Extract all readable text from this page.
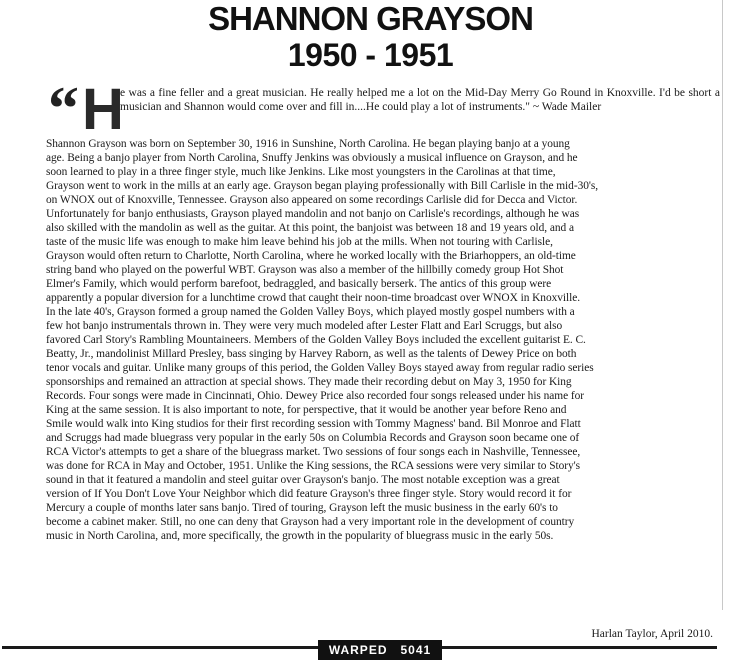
SHANNON GRAYSON
1950 - 1951
“ H
e was a fine feller and a great musician. He really helped me a lot on the Mid-Day Merry Go Round in Knoxville. I'd be short a musician and Shannon would come over and fill in....He could play a lot of instruments." ~ Wade Mailer
Shannon Grayson was born on September 30, 1916 in Sunshine, North Carolina. He began playing banjo at a young
age. Being a banjo player from North Carolina, Snuffy Jenkins was obviously a musical influence on Grayson, and he
soon learned to play in a three finger style, much like Jenkins. Like most youngsters in the Carolinas at that time,
Grayson went to work in the mills at an early age. Grayson began playing professionally with Bill Carlisle in the mid-30's,
on WNOX out of Knoxville, Tennessee. Grayson also appeared on some recordings Carlisle did for Decca and Victor.
Unfortunately for banjo enthusiasts, Grayson played mandolin and not banjo on Carlisle's recordings, although he was
also skilled with the mandolin as well as the guitar. At this point, the banjoist was between 18 and 19 years old, and a
taste of the music life was enough to make him leave behind his job at the mills. When not touring with Carlisle,
Grayson would often return to Charlotte, North Carolina, where he worked locally with the Briarhoppers, an old-time
string band who played on the powerful WBT. Grayson was also a member of the hillbilly comedy group Hot Shot
Elmer's Family, which would perform barefoot, bedraggled, and basically berserk. The antics of this group were
apparently a popular diversion for a lunchtime crowd that caught their noon-time broadcast over WNOX in Knoxville.
In the late 40's, Grayson formed a group named the Golden Valley Boys, which played mostly gospel numbers with a
few hot banjo instrumentals thrown in. They were very much modeled after Lester Flatt and Earl Scruggs, but also
favored Carl Story's Rambling Mountaineers. Members of the Golden Valley Boys included the excellent guitarist E. C.
Beatty, Jr., mandolinist Millard Presley, bass singing by Harvey Raborn, as well as the talents of Dewey Price on both
tenor vocals and guitar. Unlike many groups of this period, the Golden Valley Boys stayed away from regular radio series
sponsorships and remained an attraction at special shows. They made their recording debut on May 3, 1950 for King
Records. Four songs were made in Cincinnati, Ohio. Dewey Price also recorded four songs released under his name for
King at the same session. It is also important to note, for perspective, that it would be another year before Reno and
Smile would walk into King studios for their first recording session with Tommy Magness' band. Bil Monroe and Flatt
and Scruggs had made bluegrass very popular in the early 50s on Columbia Records and Grayson soon became one of
RCA Victor's attempts to get a share of the bluegrass market. Two sessions of four songs each in Nashville, Tennessee,
was done for RCA in May and October, 1951. Unlike the King sessions, the RCA sessions were very similar to Story's
sound in that it featured a mandolin and steel guitar over Grayson's banjo. The most notable exception was a great
version of If You Don't Love Your Neighbor which did feature Grayson's three finger style. Story would record it for
Mercury a couple of months later sans banjo. Tired of touring, Grayson left the music business in the early 60's to
become a cabinet maker. Still, no one can deny that Grayson had a very important role in the development of country
music in North Carolina, and, more specifically, the growth in the popularity of bluegrass music in the early 50s.
Harlan Taylor, April 2010.
WARPED   5041
